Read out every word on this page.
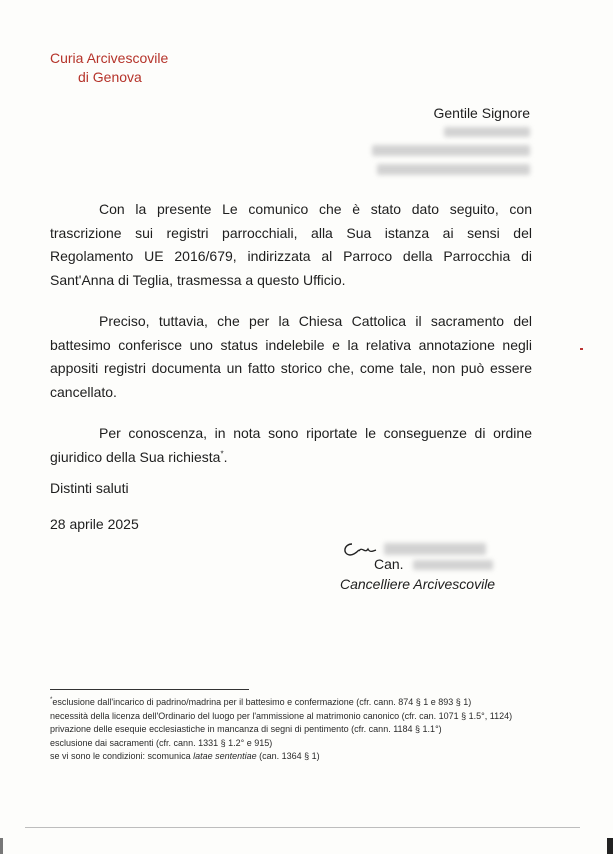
Curia Arcivescovile
di Genova
Gentile Signore
Con la presente Le comunico che è stato dato seguito, con trascrizione sui registri parrocchiali, alla Sua istanza ai sensi del Regolamento UE 2016/679, indirizzata al Parroco della Parrocchia di Sant'Anna di Teglia, trasmessa a questo Ufficio.
Preciso, tuttavia, che per la Chiesa Cattolica il sacramento del battesimo conferisce uno status indelebile e la relativa annotazione negli appositi registri documenta un fatto storico che, come tale, non può essere cancellato.
Per conoscenza, in nota sono riportate le conseguenze di ordine giuridico della Sua richiesta*.
Distinti saluti
28 aprile 2025
Can.
Cancelliere Arcivescovile
*esclusione dall'incarico di padrino/madrina per il battesimo e confermazione (cfr. cann. 874 § 1 e 893 § 1)
necessità della licenza dell'Ordinario del luogo per l'ammissione al matrimonio canonico (cfr. can. 1071 § 1.5°, 1124)
privazione delle esequie ecclesiastiche in mancanza di segni di pentimento (cfr. cann. 1184 § 1.1°)
esclusione dai sacramenti (cfr. cann. 1331 § 1.2° e 915)
se vi sono le condizioni: scomunica latae sententiae (can. 1364 § 1)
